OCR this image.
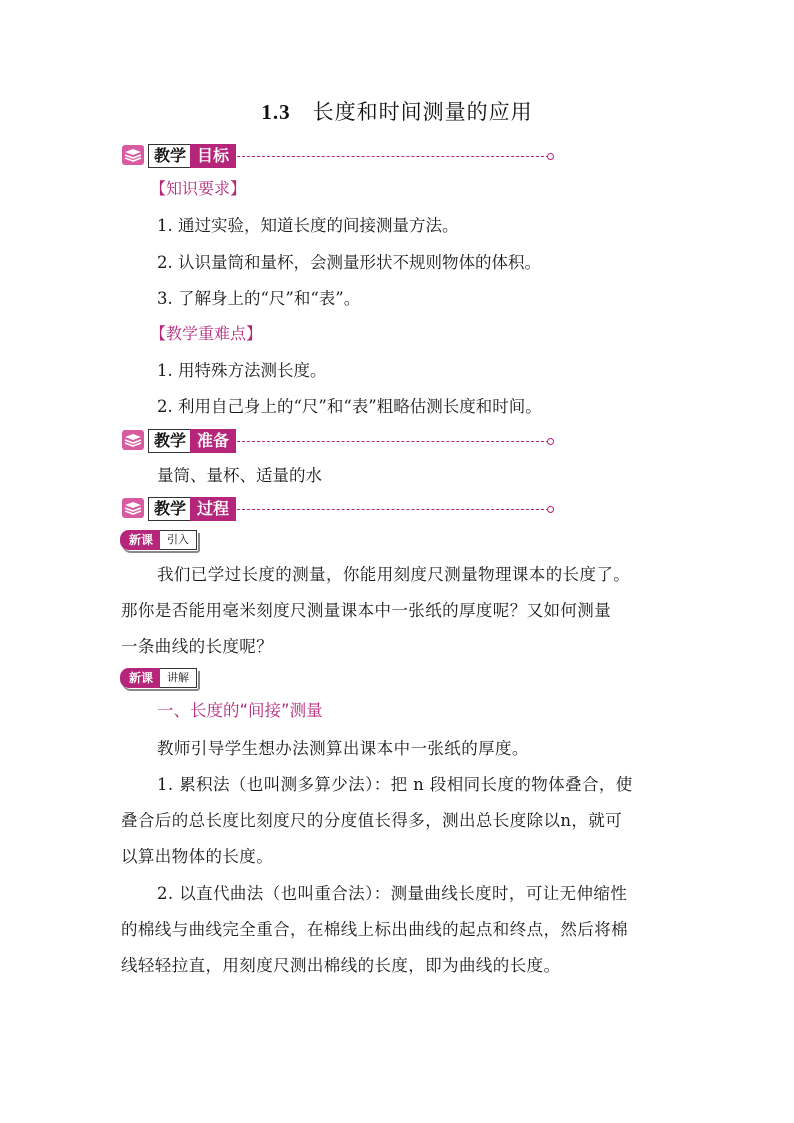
1.3 长度和时间测量的应用
教学 目标
【知识要求】
1. 通过实验，知道长度的间接测量方法。
2. 认识量筒和量杯，会测量形状不规则物体的体积。
3. 了解身上的“尺”和“表”。
【教学重难点】
1. 用特殊方法测长度。
2. 利用自己身上的“尺”和“表”粗略估测长度和时间。
教学 准备
量筒、量杯、适量的水
教学 过程
新课	引入
我们已学过长度的测量，你能用刻度尺测量物理课本的长度了。
那你是否能用毫米刻度尺测量课本中一张纸的厚度呢？又如何测量
一条曲线的长度呢？
新课	讲解
一、长度的“间接”测量
教师引导学生想办法测算出课本中一张纸的厚度。
1. 累积法（也叫测多算少法）：把 n 段相同长度的物体叠合，使
叠合后的总长度比刻度尺的分度值长得多，测出总长度除以n，就可
以算出物体的长度。
2. 以直代曲法（也叫重合法）：测量曲线长度时，可让无伸缩性
的棉线与曲线完全重合，在棉线上标出曲线的起点和终点，然后将棉
线轻轻拉直，用刻度尺测出棉线的长度，即为曲线的长度。
